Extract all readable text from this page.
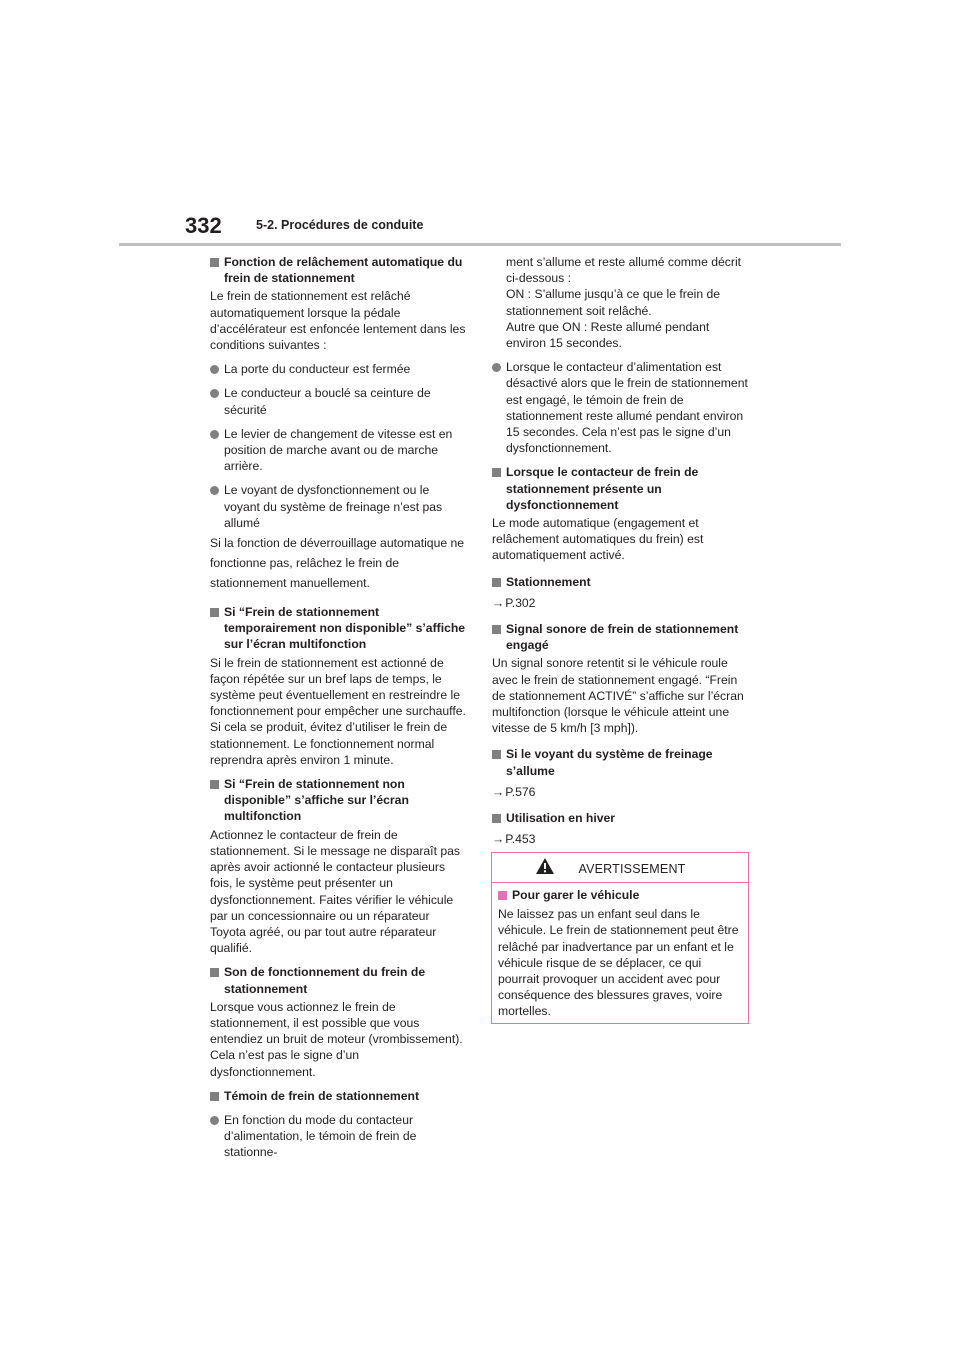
332	5-2. Procédures de conduite
Fonction de relâchement automatique du frein de stationnement
Le frein de stationnement est relâché automatiquement lorsque la pédale d’accélérateur est enfoncée lentement dans les conditions suivantes :
La porte du conducteur est fermée
Le conducteur a bouclé sa ceinture de sécurité
Le levier de changement de vitesse est en position de marche avant ou de marche arrière.
Le voyant de dysfonctionnement ou le voyant du système de freinage n’est pas allumé
Si la fonction de déverrouillage automatique ne fonctionne pas, relâchez le frein de stationnement manuellement.
Si “Frein de stationnement temporairement non disponible” s’affiche sur l’écran multifonction
Si le frein de stationnement est actionné de façon répétée sur un bref laps de temps, le système peut éventuellement en restreindre le fonctionnement pour empêcher une surchauffe. Si cela se produit, évitez d’utiliser le frein de stationnement. Le fonctionnement normal reprendra après environ 1 minute.
Si “Frein de stationnement non disponible” s’affiche sur l’écran multifonction
Actionnez le contacteur de frein de stationnement. Si le message ne disparaît pas après avoir actionné le contacteur plusieurs fois, le système peut présenter un dysfonctionnement. Faites vérifier le véhicule par un concessionnaire ou un réparateur Toyota agréé, ou par tout autre réparateur qualifié.
Son de fonctionnement du frein de stationnement
Lorsque vous actionnez le frein de stationnement, il est possible que vous entendiez un bruit de moteur (vrombissement). Cela n’est pas le signe d’un dysfonctionnement.
Témoin de frein de stationnement
En fonction du mode du contacteur d’alimentation, le témoin de frein de stationne-
ment s’allume et reste allumé comme décrit ci-dessous :
ON : S’allume jusqu’à ce que le frein de stationnement soit relâché.
Autre que ON : Reste allumé pendant environ 15 secondes.
Lorsque le contacteur d’alimentation est désactivé alors que le frein de stationnement est engagé, le témoin de frein de stationnement reste allumé pendant environ 15 secondes. Cela n’est pas le signe d’un dysfonctionnement.
Lorsque le contacteur de frein de stationnement présente un dysfonctionnement
Le mode automatique (engagement et relâchement automatiques du frein) est automatiquement activé.
Stationnement
→P.302
Signal sonore de frein de stationnement engagé
Un signal sonore retentit si le véhicule roule avec le frein de stationnement engagé. “Frein de stationnement ACTIVÉ” s’affiche sur l’écran multifonction (lorsque le véhicule atteint une vitesse de 5 km/h [3 mph]).
Si le voyant du système de freinage s’allume
→P.576
Utilisation en hiver
→P.453
AVERTISSEMENT
Pour garer le véhicule
Ne laissez pas un enfant seul dans le véhicule. Le frein de stationnement peut être relâché par inadvertance par un enfant et le véhicule risque de se déplacer, ce qui pourrait provoquer un accident avec pour conséquence des blessures graves, voire mortelles.
